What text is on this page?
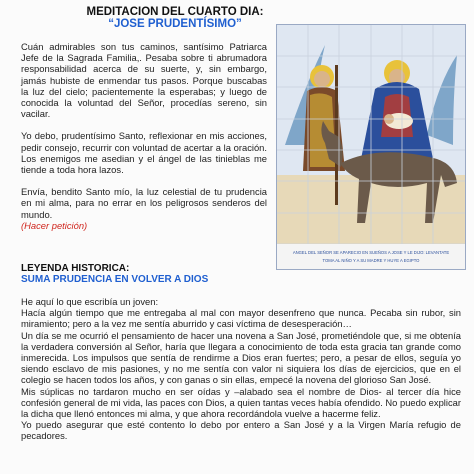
MEDITACION DEL CUARTO DIA:
“JOSE PRUDENTÍSIMO”

Cuán admirables son tus caminos, santísimo Patriarca Jefe de la Sagrada Familia,. Pesaba sobre ti abrumadora responsabilidad acerca de su suerte, y, sin embargo, jamás hubiste de enmendar tus pasos. Porque buscabas la luz del cielo; pacientemente la esperabas; y luego de conocida la voluntad del Señor, procedías sereno, sin vacilar.

Yo debo, prudentísimo Santo, reflexionar en mis acciones, pedir consejo, recurrir con voluntad de acertar a la oración. Los enemigos me asedian y el ángel de las tinieblas me tiende a toda hora lazos.

Envía, bendito Santo mío, la luz celestial de tu prudencia en mi alma, para no errar en los peligrosos senderos del mundo.

(Hacer petición)
ANGEL DEL SEÑOR SE APARECIO EN SUEÑOS A JOSE Y LE DIJO: LEVANTATE
TOMA AL NIÑO Y A SU MADRE Y HUYE A EGIPTO
LEYENDA HISTORICA:
SUMA PRUDENCIA EN VOLVER A DIOS

He aquí lo que escribía un joven:

Hacía algún tiempo que me entregaba al mal con mayor desenfreno que nunca. Pecaba sin rubor, sin miramiento; pero a la vez me sentía aburrido y casi víctima de desesperación…

Un día se me ocurrió el pensamiento de hacer una novena a San José, prometiéndole que, si me obtenía la verdadera conversión al Señor, haría que llegara a conocimiento de toda esta gracia tan grande como inmerecida. Los impulsos que sentía de rendirme a Dios eran fuertes; pero, a pesar de ellos, seguía yo siendo esclavo de mis pasiones, y no me sentía con valor ni siquiera los días de ejercicios, que en el colegio se hacen todos los años, y con ganas o sin ellas, empecé la novena del glorioso San José.

Mis súplicas no tardaron mucho en ser oídas y –alabado sea el nombre de Dios- al tercer día hice confesión general de mi vida, las paces con Dios, a quien tantas veces había ofendido. No puedo explicar la dicha que llenó entonces mi alma, y que ahora recordándola vuelve a hacerme feliz.

Yo puedo asegurar que esté contento lo debo por entero a San José y a la Virgen María refugio de pecadores.
